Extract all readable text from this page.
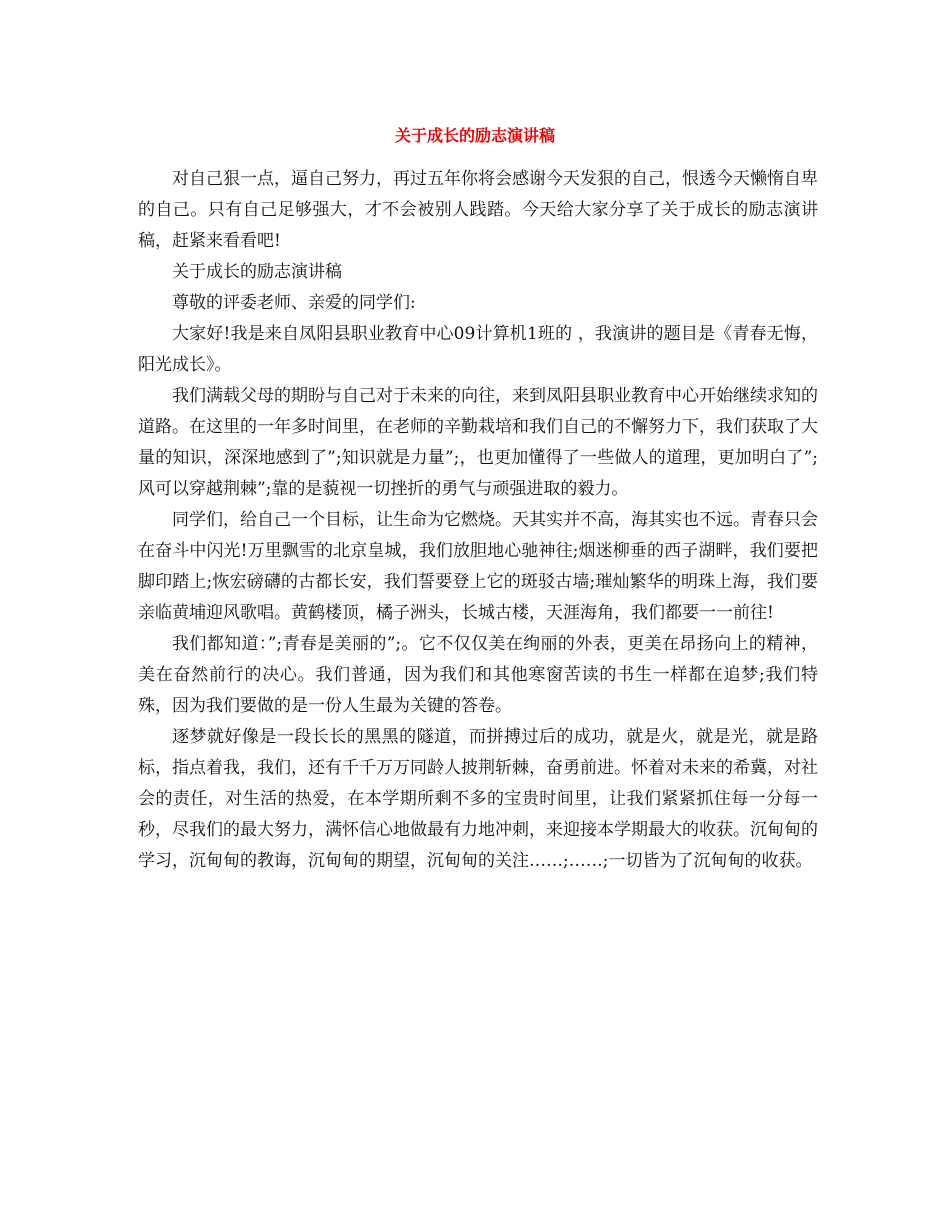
关于成长的励志演讲稿

对自己狠一点，逼自己努力，再过五年你将会感谢今天发狠的自己，恨透今天懒惰自卑的自己。只有自己足够强大，才不会被别人践踏。今天给大家分享了关于成长的励志演讲稿，赶紧来看看吧!

关于成长的励志演讲稿

尊敬的评委老师、亲爱的同学们:

大家好!我是来自凤阳县职业教育中心09计算机1班的 ，我演讲的题目是《青春无悔，阳光成长》。

我们满载父母的期盼与自己对于未来的向往，来到凤阳县职业教育中心开始继续求知的道路。在这里的一年多时间里，在老师的辛勤栽培和我们自己的不懈努力下，我们获取了大量的知识，深深地感到了”;知识就是力量”;，也更加懂得了一些做人的道理，更加明白了”;风可以穿越荆棘”;靠的是藐视一切挫折的勇气与顽强进取的毅力。

同学们，给自己一个目标，让生命为它燃烧。天其实并不高，海其实也不远。青春只会在奋斗中闪光!万里飘雪的北京皇城，我们放胆地心驰神往;烟迷柳垂的西子湖畔，我们要把脚印踏上;恢宏磅礴的古都长安，我们誓要登上它的斑驳古墙;璀灿繁华的明珠上海，我们要亲临黄埔迎风歌唱。黄鹤楼顶，橘子洲头，长城古楼，天涯海角，我们都要一一前往!

我们都知道：”;青春是美丽的”;。它不仅仅美在绚丽的外表，更美在昂扬向上的精神，美在奋然前行的决心。我们普通，因为我们和其他寒窗苦读的书生一样都在追梦;我们特殊，因为我们要做的是一份人生最为关键的答卷。

逐梦就好像是一段长长的黑黑的隧道，而拼搏过后的成功，就是火，就是光，就是路标，指点着我，我们，还有千千万万同龄人披荆斩棘，奋勇前进。怀着对未来的希冀，对社会的责任，对生活的热爱，在本学期所剩不多的宝贵时间里，让我们紧紧抓住每一分每一秒，尽我们的最大努力，满怀信心地做最有力地冲刺，来迎接本学期最大的收获。沉甸甸的学习，沉甸甸的教诲，沉甸甸的期望，沉甸甸的关注……;……;一切皆为了沉甸甸的收获。
